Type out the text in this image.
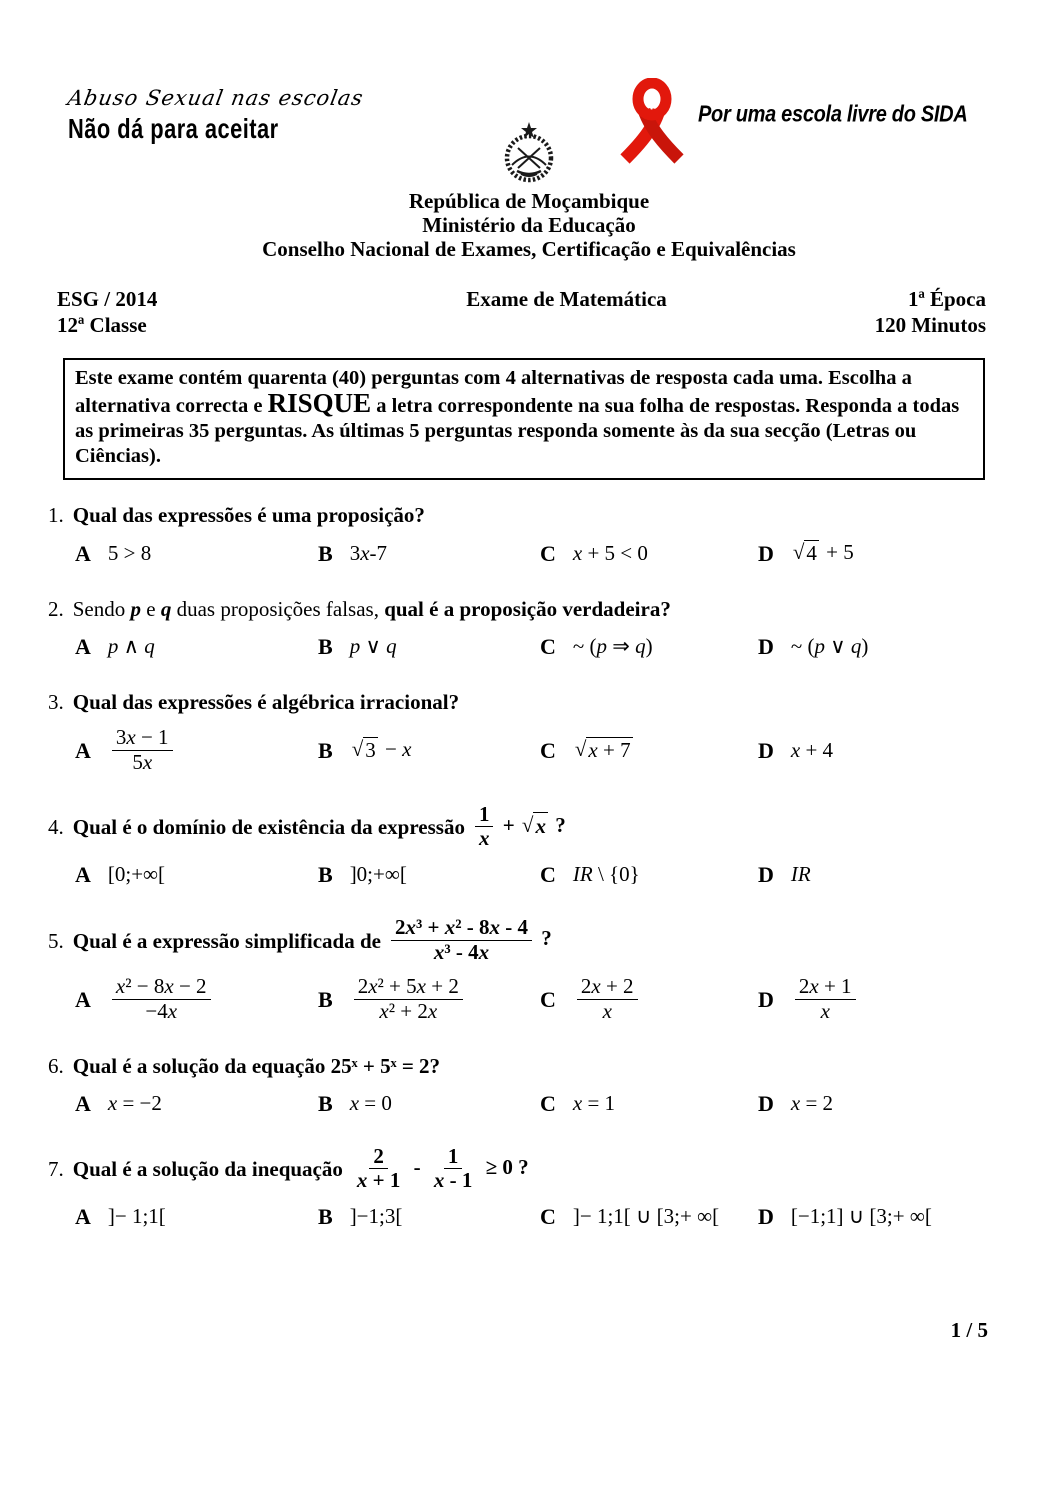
Abuso Sexual nas escolas
Não dá para aceitar	Por uma escola livre do SIDA
República de Moçambique
Ministério da Educação
Conselho Nacional de Exames, Certificação e Equivalências
ESG / 2014
12ª Classe
Exame de Matemática	1ª Época
120 Minutos
Este exame contém quarenta (40) perguntas com 4 alternativas de resposta cada uma. Escolha a alternativa correcta e RISQUE a letra correspondente na sua folha de respostas. Responda a todas as primeiras 35 perguntas. As últimas 5 perguntas responda somente às da sua secção (Letras ou Ciências).
1. Qual das expressões é uma proposição?
A 5 > 8	B 3x-7	C x + 5 < 0	D √ 4 + 5
2. Sendo p e q duas proposições falsas, qual é a proposição verdadeira?
A p ∧ q	B p ∨ q	C ~ (p ⇒ q)	D ~ (p ∨ q)
3. Qual das expressões é algébrica irracional?
A $\frac{3x - 1}{5x}$	B √ 3 − x	C √ x + 7	D x + 4
4. Qual é o domínio de existência da expressão $\frac{1}{x}$ + √ x ?
A [0;+∞[	B ]0;+∞[	C IR \ {0}	D IR
5. Qual é a expressão simplificada de $\frac{\text{2x³ + x² - 8x - 4}}{\text{x³ - 4x}}$ ?
A $\frac{\text{x² − 8x − 2}}{-4x}$	B $\frac{\text{2x² + 5x + 2}}{\text{x² + 2x}}$	C $\frac{2x + 2}{x}$	D $\frac{2x + 1}{x}$
6. Qual é a solução da equação 25ˣ + 5ˣ = 2?
A x = −2	B x = 0	C x = 1	D x = 2
7. Qual é a solução da inequação $\frac{2}{x + 1} - \frac{1}{x - 1} \ge 0$ ?
A ]− 1;1[	B ]−1;3[	C ]− 1;1[ ∪ [3;+ ∞[ D [−1;1] ∪ [3;+ ∞[
1 / 5
